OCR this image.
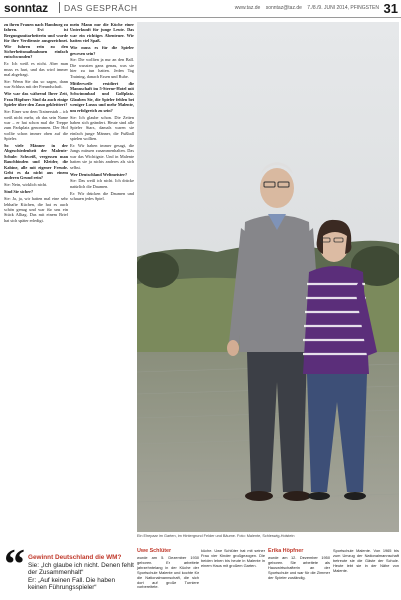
sonntaz DAS GESPRÄCH	www.taz.de sonntaz@taz.de 7./8./9. JUNI 2014, PFINGSTEN 31

zu ihren Frauen nach Hamburg zu fahren. Evi ist Bergungsmitarbeiterin und wurde für ihre Verdienste ausgezeichnet. Wir fuhren rein zu den Sicherheitsmaßnahmen einfach entschwunden?

Er: Ich weiß es nicht. Aber man muss es hart, und das wird immer mal abgefragt.

Sie: Wenn Sie das so sagen, dann war Schluss mit der Freundschaft.

Wie war das während Ihrer Zeit, Frau Höpfner: Sind da auch einige Spieler über den Zaun gekletttert?

Sie: Einer war dem Trainerstab – ich weiß nicht mehr, ob das sein Name war – er hat schon mal die Treppe zum Parkplatz genommen. Der Hof wollte schon immer oben auf die Spieler.

So viele Männer in der Abgeschiedenheit der Malente-Schule: Schweiß, vergessen man Bauchbinden und Kleider, die Kabine, alle mit eigener Freude. Geht es da nicht aus einem anderen Grund rein?

Sie: Nein, wirklich nicht.

Sind Sie sicher?

Sie: Ja, ja, wir hatten mal eine sehr lebhafte Küchen, die hat es auch schön genug und war für uns ein Stück Alltag. Das mit einem Brief hat sich später erledigt.

mein Mann nur die Küche einer Unterkunft für junge Leute. Das war ein richtiges Abenteuer. Wir hatten viel Spaß.

Wie muss es für die Spieler gewesen sein?

Sie: Die wollten ja nur an den Ball. Die wussten ganz genau, was sie hier zu tun hatten. Jeden Tag Training, danach Essen und Ruhe.

Mittlerweile residiert die Mannschaft im 5-Sterne-Hotel mit Schwimmbad und Golfplatz. Glauben Sie, die Spieler fehlen bei weniger Luxus und mehr Malente, um erfolgreich zu sein?

Sie: Ich glaube schon. Die Zeiten haben sich geändert. Heute sind alle Spieler Stars, damals waren sie einfach junge Männer, die Fußball spielen wollten.

Er: Wir haben immer gesagt, die Jungs müssen zusammenhalten. Das war das Wichtigste. Und in Malente hatten sie ja nichts anderes als sich selbst.

Wer Deutschland Weltmeister?

Sie: Das weiß ich nicht. Ich drücke natürlich die Daumen.

Er: Wir drücken die Daumen und schauen jedes Spiel.

Ein Ehepaar im Garten, im Hintergrund Felder und Bäume. Foto: Malente, Schleswig-Holstein
“ Gewinnt Deutschland die WM?
Sie: „Ich glaube ich nicht. Denen fehlt der Zusammenhalt“
Er: „Auf keinen Fall. Die haben keinen Führungsspieler“
Uwe Schlüter
wurde am 5. Dezember 1930 geboren. Er arbeitete jahrzehntelang in der Küche der Sportschule Malente und kochte für die Nationalmannschaft, die sich dort auf große Turniere vorbereitete.
küche. Uwe Schlüter hat mit seiner Frau vier Kinder großgezogen. Die beiden leben bis heute in Malente in einem Haus mit großem Garten.
Erika Höpfner
wurde am 12. Dezember 1950 geboren. Sie arbeitete als Hauswirtschafterin an der Sportschule und war für die Zimmer der Spieler zuständig.
Sportschule Malente. Von 1965 bis zum Umzug der Nationalmannschaft betreute sie die Gäste der Schule. Heute lebt sie in der Nähe von Malente.
